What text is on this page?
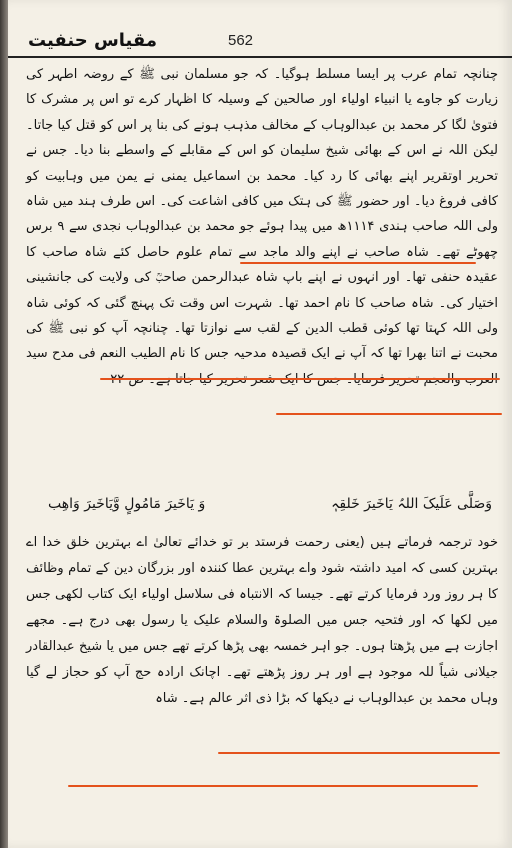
مقیاس حنفیت	562

چنانچہ تمام عرب پر ایسا مسلط ہوگیا۔ کہ جو مسلمان نبی ﷺ کے روضہ اطہر کی زیارت کو جاوے یا انبیاء اولیاء اور صالحین کے وسیلہ کا اظہار کرے تو اس پر مشرک کا فتویٰ لگا کر محمد بن عبدالوہاب کے مخالف مذہب ہونے کی بنا پر اس کو قتل کیا جاتا۔ لیکن اللہ نے اس کے بھائی شیخ سلیمان کو اس کے مقابلے کے واسطے بنا دیا۔ جس نے تحریر اوتقریر اپنے بھائی کا رد کیا۔ محمد بن اسماعیل یمنی نے یمن میں وہابیت کو کافی فروغ دیا۔ اور حضور ﷺ کی ہتک میں کافی اشاعت کی۔ اس طرف ہند میں شاہ ولی اللہ صاحب ہندی ۱۱۱۴ھ میں پیدا ہوئے جو محمد بن عبدالوہاب نجدی سے ۹ برس چھوٹے تھے۔ شاہ صاحب نے اپنے والد ماجد سے تمام علوم حاصل کئے شاہ صاحب کا عقیدہ حنفی تھا۔ اور انہوں نے اپنے باپ شاہ عبدالرحمن صاحبؒ کی ولایت کی جانشینی اختیار کی۔ شاہ صاحب کا نام احمد تھا۔ شہرت اس وقت تک پہنچ گئی کہ کوئی شاہ ولی اللہ کہتا تھا کوئی قطب الدین کے لقب سے نوازتا تھا۔ چنانچہ آپ کو نبی ﷺ کی محبت نے اتنا بھرا تھا کہ آپ نے ایک قصیدہ مدحیہ جس کا نام الطیب النعم فی مدح سید

وَصَلَّی عَلَیکَ اللہُ یَاخَیرَ خَلقِہٖ
وَ یَاخَیرَ مَامُولٍ وَّیَاخَیرَ وَاھِب

خود ترجمہ فرماتے ہیں (یعنی رحمت فرستد بر تو خدائے تعالیٰ اے بہترین خلق خدا اے بہترین کسی کہ امید داشتہ شود واے بہترین عطا کنندہ اور بزرگان دین کے تمام وظائف کا ہر روز ورد فرمایا کرتے تھے۔ جیسا کہ الانتباہ فی سلاسل اولیاء ایک کتاب لکھی جس میں لکھا کہ اور فتحیہ جس میں الصلوۃ والسلام علیک یا رسول بھی درج ہے۔ مجھے اجازت ہے میں پڑھتا ہوں۔ جو اہر خمسہ بھی پڑھا کرتے تھے جس میں یا شیخ عبدالقادر جیلانی شیاً للہ موجود ہے اور ہر روز پڑھتے تھے۔ اچانک ارادہ حج آپ کو حجاز لے گیا وہاں محمد بن عبدالوہاب نے دیکھا کہ بڑا ذی اثر عالم ہے۔ شاہ
